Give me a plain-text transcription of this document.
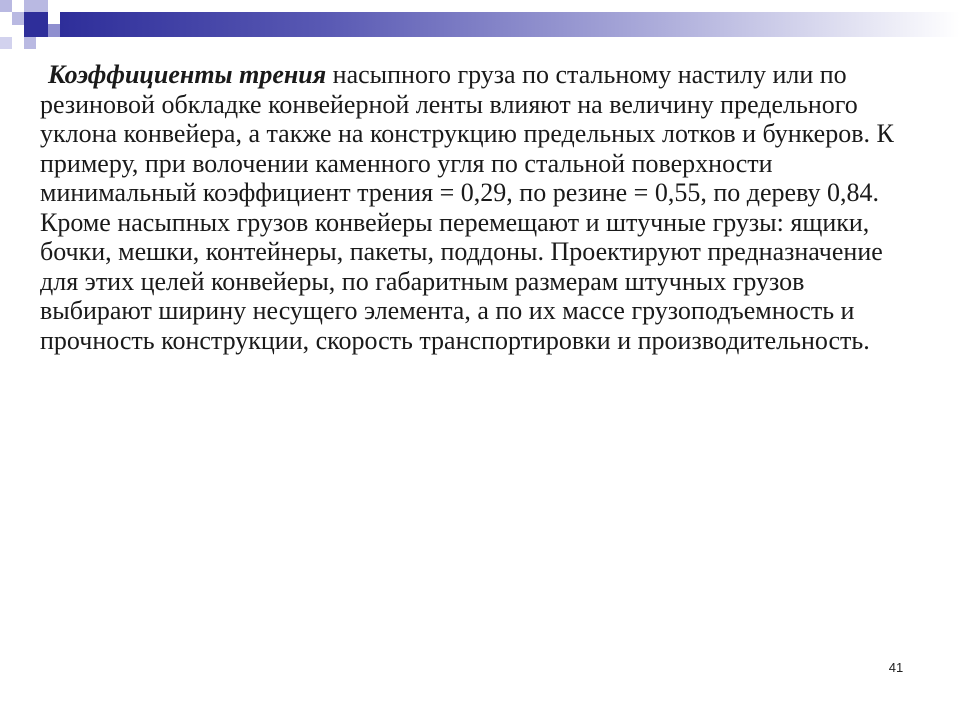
Коэффициенты трения насыпного груза по стальному настилу или по резиновой обкладке конвейерной ленты влияют на величину предельного уклона конвейера, а также на конструкцию предельных лотков и бункеров. К примеру, при волочении каменного угля по стальной поверхности минимальный коэффициент трения = 0,29, по резине = 0,55, по дереву 0,84.

Кроме насыпных грузов конвейеры перемещают и штучные грузы: ящики, бочки, мешки, контейнеры, пакеты, поддоны. Проектируют предназначение для этих целей конвейеры, по габаритным размерам штучных грузов выбирают ширину несущего элемента, а по их массе грузоподъемность и прочность конструкции, скорость транспортировки и производительность.

41
